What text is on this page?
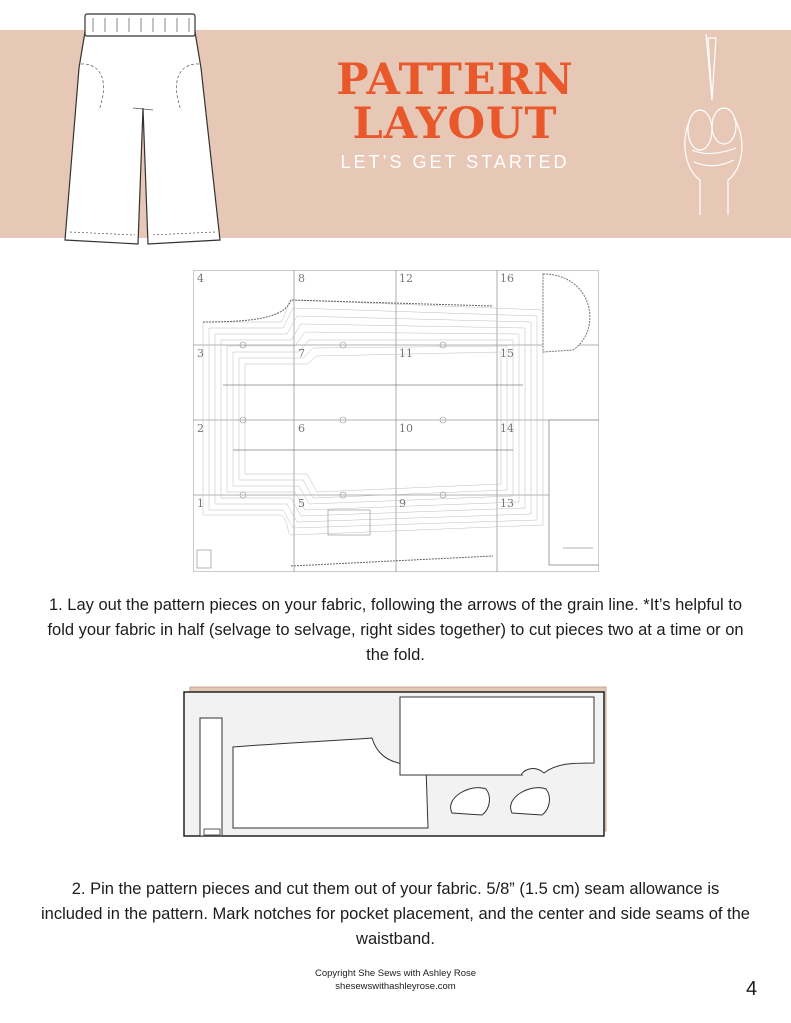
PATTERN
LAYOUT
LET’S GET STARTED
4	8	12	16
3	7	11	15
2	6	10	14
1	5	9	13
1. Lay out the pattern pieces on your fabric, following the arrows of the grain line. *It’s helpful to fold your fabric in half (selvage to selvage, right sides together) to cut pieces two at a time or on the fold.
2. Pin the pattern pieces and cut them out of your fabric. 5/8” (1.5 cm) seam allowance is included in the pattern. Mark notches for pocket placement, and the center and side seams of the waistband.
Copyright She Sews with Ashley Rose
shesewswithashleyrose.com	4
